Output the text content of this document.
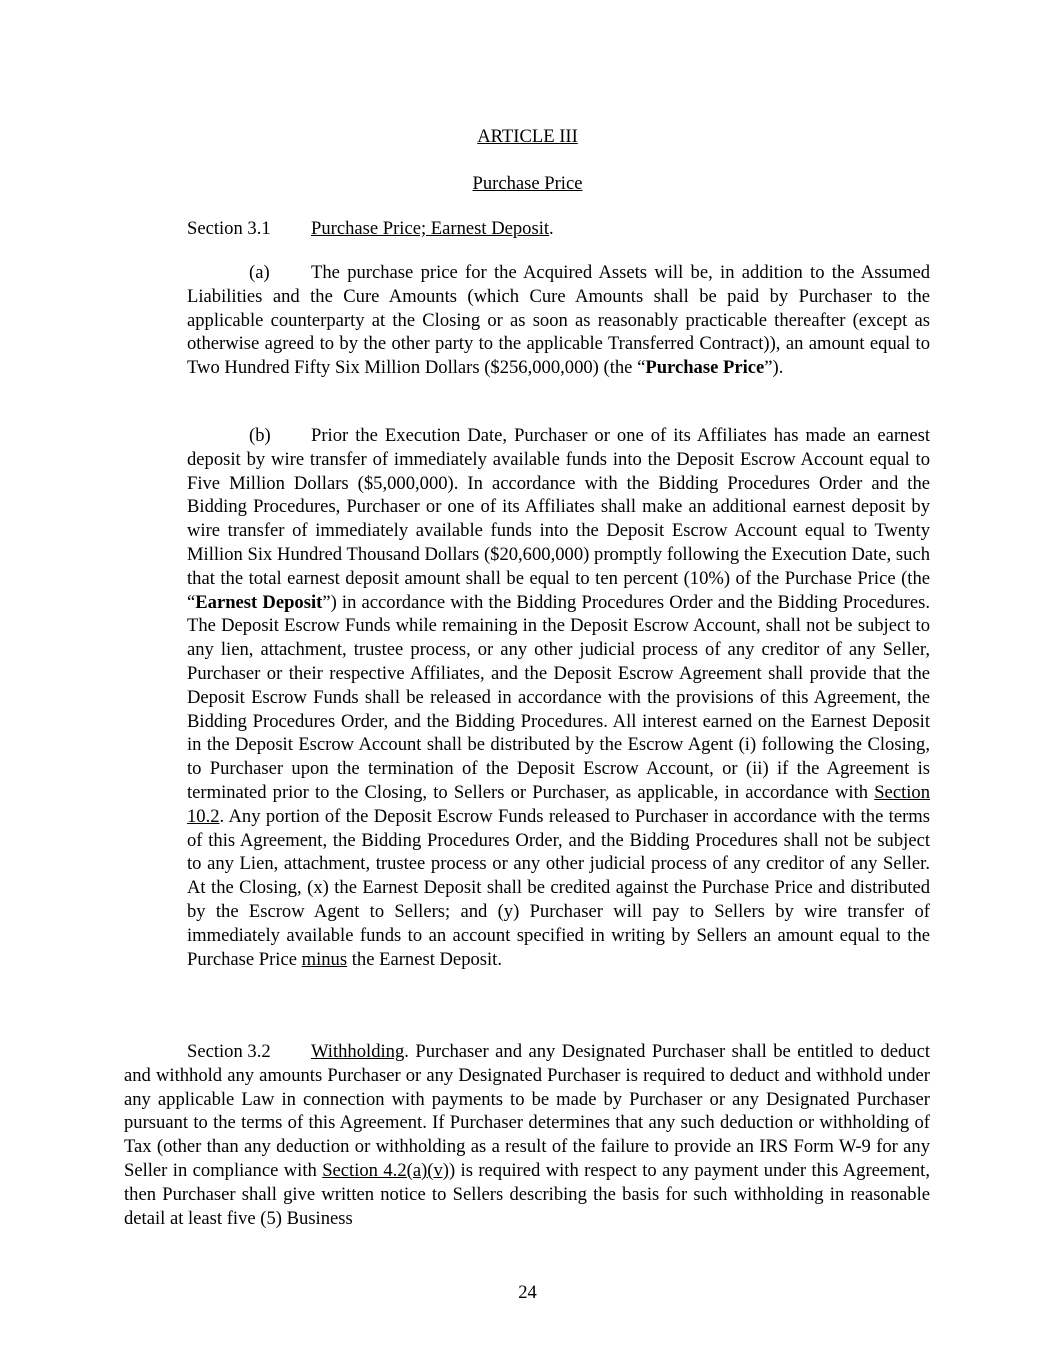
ARTICLE III
Purchase Price
Section 3.1 Purchase Price; Earnest Deposit.

(a) The purchase price for the Acquired Assets will be, in addition to the Assumed Liabilities and the Cure Amounts (which Cure Amounts shall be paid by Purchaser to the applicable counterparty at the Closing or as soon as reasonably practicable thereafter (except as otherwise agreed to by the other party to the applicable Transferred Contract)), an amount equal to Two Hundred Fifty Six Million Dollars ($256,000,000) (the “Purchase Price”).

(b) Prior the Execution Date, Purchaser or one of its Affiliates has made an earnest deposit by wire transfer of immediately available funds into the Deposit Escrow Account equal to Five Million Dollars ($5,000,000). In accordance with the Bidding Procedures Order and the Bidding Procedures, Purchaser or one of its Affiliates shall make an additional earnest deposit by wire transfer of immediately available funds into the Deposit Escrow Account equal to Twenty Million Six Hundred Thousand Dollars ($20,600,000) promptly following the Execution Date, such that the total earnest deposit amount shall be equal to ten percent (10%) of the Purchase Price (the “Earnest Deposit”) in accordance with the Bidding Procedures Order and the Bidding Procedures. The Deposit Escrow Funds while remaining in the Deposit Escrow Account, shall not be subject to any lien, attachment, trustee process, or any other judicial process of any creditor of any Seller, Purchaser or their respective Affiliates, and the Deposit Escrow Agreement shall provide that the Deposit Escrow Funds shall be released in accordance with the provisions of this Agreement, the Bidding Procedures Order, and the Bidding Procedures. All interest earned on the Earnest Deposit in the Deposit Escrow Account shall be distributed by the Escrow Agent (i) following the Closing, to Purchaser upon the termination of the Deposit Escrow Account, or (ii) if the Agreement is terminated prior to the Closing, to Sellers or Purchaser, as applicable, in accordance with Section 10.2. Any portion of the Deposit Escrow Funds released to Purchaser in accordance with the terms of this Agreement, the Bidding Procedures Order, and the Bidding Procedures shall not be subject to any Lien, attachment, trustee process or any other judicial process of any creditor of any Seller. At the Closing, (x) the Earnest Deposit shall be credited against the Purchase Price and distributed by the Escrow Agent to Sellers; and (y) Purchaser will pay to Sellers by wire transfer of immediately available funds to an account specified in writing by Sellers an amount equal to the Purchase Price minus the Earnest Deposit.

Section 3.2 Withholding. Purchaser and any Designated Purchaser shall be entitled to deduct and withhold any amounts Purchaser or any Designated Purchaser is required to deduct and withhold under any applicable Law in connection with payments to be made by Purchaser or any Designated Purchaser pursuant to the terms of this Agreement. If Purchaser determines that any such deduction or withholding of Tax (other than any deduction or withholding as a result of the failure to provide an IRS Form W-9 for any Seller in compliance with Section 4.2(a)(v)) is required with respect to any payment under this Agreement, then Purchaser shall give written notice to Sellers describing the basis for such withholding in reasonable detail at least five (5) Business

24
